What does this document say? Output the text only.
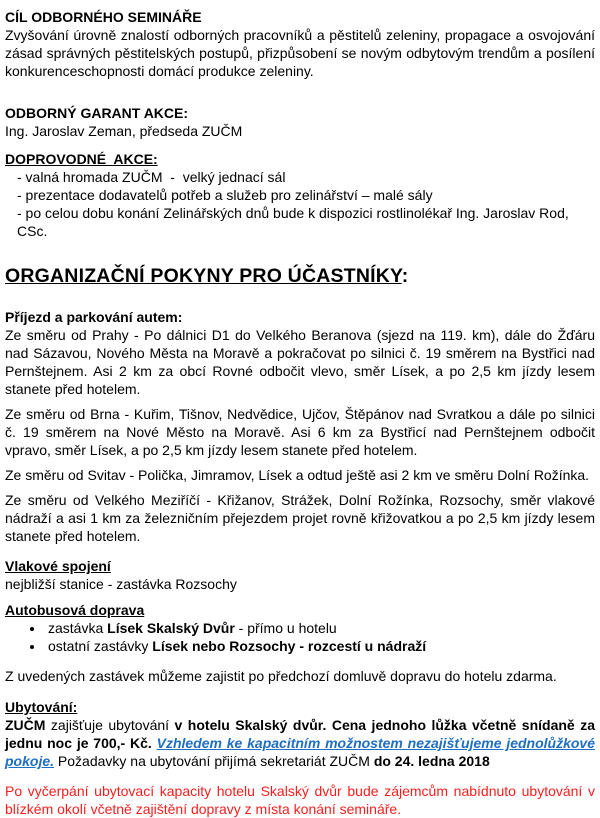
CÍL ODBORNÉHO SEMINÁŘE

Zvyšování úrovně znalostí odborných pracovníků a pěstitelů zeleniny, propagace a osvojování zásad správných pěstitelských postupů, přizpůsobení se novým odbytovým trendům a posílení konkurenceschopnosti domácí produkce zeleniny.

ODBORNÝ GARANT AKCE:

Ing. Jaroslav Zeman, předseda ZUČM

DOPROVODNÉ  AKCE:
- valná hromada ZUČM  -  velký jednací sál
- prezentace dodavatelů potřeb a služeb pro zelinářství – malé sály
- po celou dobu konání Zelinářských dnů bude k dispozici rostlinolékař Ing. Jaroslav Rod, CSc.
ORGANIZAČNÍ POKYNY PRO ÚČASTNÍKY:
Příjezd a parkování autem:

Ze směru od Prahy - Po dálnici D1 do Velkého Beranova (sjezd na 119. km), dále do Žďáru nad Sázavou, Nového Města na Moravě a pokračovat po silnici č. 19 směrem na Bystřici nad Pernštejnem. Asi 2 km za obcí Rovné odbočit vlevo, směr Lísek, a po 2,5 km jízdy lesem stanete před hotelem.

Ze směru od Brna - Kuřim, Tišnov, Nedvědice, Ujčov, Štěpánov nad Svratkou a dále po silnici č. 19 směrem na Nové Město na Moravě. Asi 6 km za Bystřicí nad Pernštejnem odbočit vpravo, směr Lísek, a po 2,5 km jízdy lesem stanete před hotelem.

Ze směru od Svitav - Polička, Jimramov, Lísek a odtud ještě asi 2 km ve směru Dolní Rožínka.

Ze směru od Velkého Meziříčí - Křižanov, Strážek, Dolní Rožínka, Rozsochy, směr vlakové nádraží a asi 1 km za železničním přejezdem projet rovně křižovatkou a po 2,5 km jízdy lesem stanete před hotelem.

Vlakové spojení

nejbližší stanice - zastávka Rozsochy

Autobusová doprava
• zastávka Lísek Skalský Dvůr - přímo u hotelu
• ostatní zastávky Lísek nebo Rozsochy - rozcestí u nádraží

Z uvedených zastávek můžeme zajistit po předchozí domluvě dopravu do hotelu zdarma.

Ubytování:

ZUČM zajišťuje ubytování v hotelu Skalský dvůr. Cena jednoho lůžka včetně snídaně za jednu noc je 700,- Kč. Vzhledem ke kapacitním možnostem nezajišťujeme jednolůžkové pokoje. Požadavky na ubytování přijímá sekretariát ZUČM do 24. ledna 2018

Po vyčerpání ubytovací kapacity hotelu Skalský dvůr bude zájemcům nabídnuto ubytování v blízkém okolí včetně zajištění dopravy z místa konání semináře.
